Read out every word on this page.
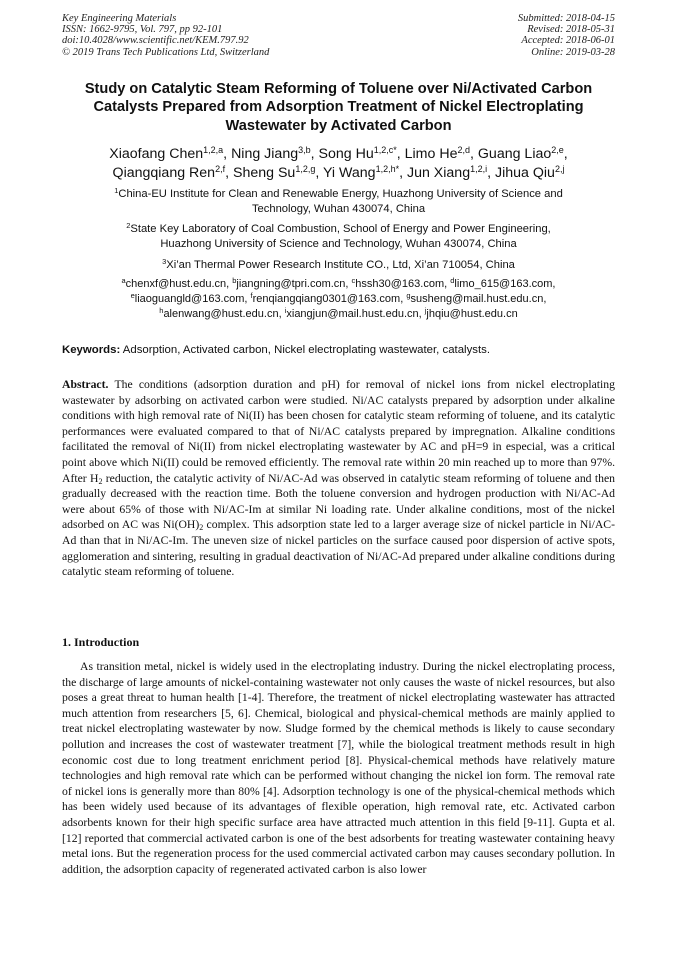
Key Engineering Materials
ISSN: 1662-9795, Vol. 797, pp 92-101
doi:10.4028/www.scientific.net/KEM.797.92
© 2019 Trans Tech Publications Ltd, Switzerland
Submitted: 2018-04-15
Revised: 2018-05-31
Accepted: 2018-06-01
Online: 2019-03-28
Study on Catalytic Steam Reforming of Toluene over Ni/Activated Carbon Catalysts Prepared from Adsorption Treatment of Nickel Electroplating Wastewater by Activated Carbon
Xiaofang Chen$^{1,2,a}$, Ning Jiang$^{3,b}$, Song $Hu^{1,2,c*}$, Limo He$^{2,d}$, Guang Liao$^{2,e}$,
Qiangqiang Ren$^{2,f}$, Sheng Su$^{1,2,g}$, Yi Wang$^{1,2,h*}$, Jun Xiang$^{1,2,i}$, Jihua Qiu$^{2,j}$
$^1$China-EU Institute for Clean and Renewable Energy, Huazhong University of Science and
Technology, Wuhan 430074, China
$^2$State Key Laboratory of Coal Combustion, School of Energy and Power Engineering,
Huazhong University of Science and Technology, Wuhan 430074, China
$^3$Xi’an Thermal Power Research Institute CO., Ltd, Xi’an 710054, China
$^a$chenxf@hust.edu.cn, $^b$jiangning@tpri.com.cn, $^c$hssh30@163.com, $^d$limo_615@163.com,
$^e$liaoguangld@163.com, $^f$renqiangqiang0301@163.com, $^g$susheng@mail.hust.edu.cn,
$^h$alenwang@hust.edu.cn, $^i$xiangjun@mail.hust.edu.cn, $^j$jhqiu@hust.edu.cn
Keywords: Adsorption, Activated carbon, Nickel electroplating wastewater, catalysts.
Abstract. The conditions (adsorption duration and pH) for removal of nickel ions from nickel electroplating wastewater by adsorbing on activated carbon were studied. Ni/AC catalysts prepared by adsorption under alkaline conditions with high removal rate of Ni(II) has been chosen for catalytic steam reforming of toluene, and its catalytic performances were evaluated compared to that of Ni/AC catalysts prepared by impregnation. Alkaline conditions facilitated the removal of Ni(II) from nickel electroplating wastewater by AC and pH=9 in especial, was a critical point above which Ni(II) could be removed efficiently. The removal rate within 20 min reached up to more than 97%. After $H_2$ reduction, the catalytic activity of Ni/AC-Ad was observed in catalytic steam reforming of toluene and then gradually decreased with the reaction time. Both the toluene conversion and hydrogen production with Ni/AC-Ad were about 65% of those with Ni/AC-Im at similar Ni loading rate. Under alkaline conditions, most of the nickel adsorbed on AC was $Ni(OH)_2$ complex. This adsorption state led to a larger average size of nickel particle in Ni/AC-Ad than that in Ni/AC-Im. The uneven size of nickel particles on the surface caused poor dispersion of active spots, agglomeration and sintering, resulting in gradual deactivation of Ni/AC-Ad prepared under alkaline conditions during catalytic steam reforming of toluene.
1. Introduction
As transition metal, nickel is widely used in the electroplating industry. During the nickel electroplating process, the discharge of large amounts of nickel-containing wastewater not only causes the waste of nickel resources, but also poses a great threat to human health [1-4]. Therefore, the treatment of nickel electroplating wastewater has attracted much attention from researchers [5, 6]. Chemical, biological and physical-chemical methods are mainly applied to treat nickel electroplating wastewater by now. Sludge formed by the chemical methods is likely to cause secondary pollution and increases the cost of wastewater treatment [7], while the biological treatment methods result in high economic cost due to long treatment enrichment period [8]. Physical-chemical methods have relatively mature technologies and high removal rate which can be performed without changing the nickel ion form. The removal rate of nickel ions is generally more than 80% [4]. Adsorption technology is one of the physical-chemical methods which has been widely used because of its advantages of flexible operation, high removal rate, etc. Activated carbon adsorbents known for their high specific surface area have attracted much attention in this field [9-11]. Gupta et al. [12] reported that commercial activated carbon is one of the best adsorbents for treating wastewater containing heavy metal ions. But the regeneration process for the used commercial activated carbon may causes secondary pollution. In addition, the adsorption capacity of regenerated activated carbon is also lower
